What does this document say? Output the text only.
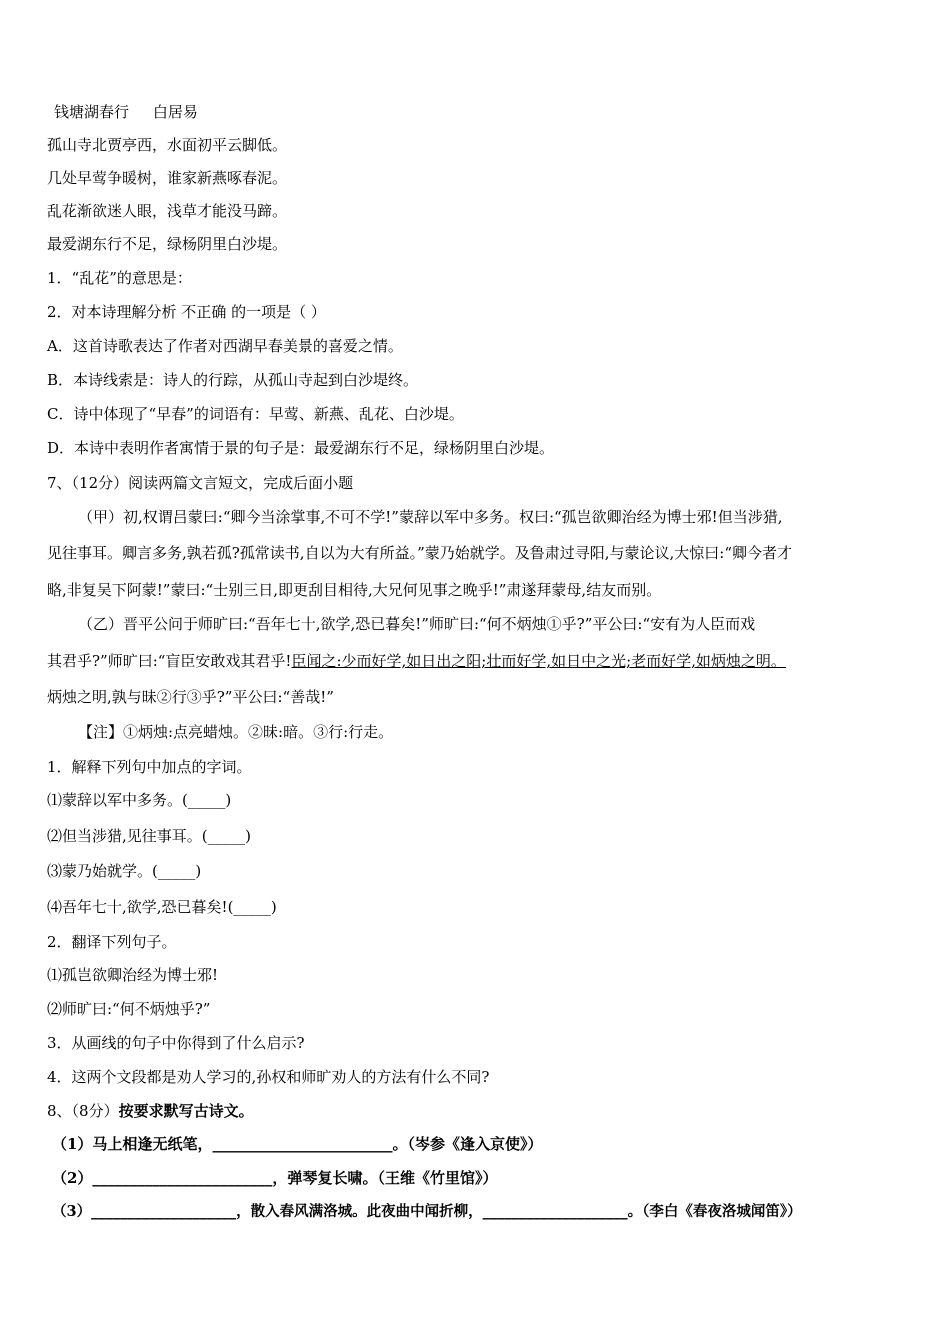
钱塘湖春行 白居易
孤山寺北贾亭西，水面初平云脚低。
几处早莺争暖树，谁家新燕啄春泥。
乱花渐欲迷人眼，浅草才能没马蹄。
最爱湖东行不足，绿杨阴里白沙堤。
1．“乱花”的意思是：
2．对本诗理解分析 不正确 的一项是（ ）
A．这首诗歌表达了作者对西湖早春美景的喜爱之情。
B．本诗线索是：诗人的行踪，从孤山寺起到白沙堤终。
C．诗中体现了“早春”的词语有：早莺、新燕、乱花、白沙堤。
D．本诗中表明作者寓情于景的句子是：最爱湖东行不足，绿杨阴里白沙堤。
7、（12分）阅读两篇文言短文，完成后面小题
（甲）初,权谓吕蒙曰:“卿今当涂掌事,不可不学!”蒙辞以军中多务。权曰:“孤岂欲卿治经为博士邪!但当涉猎,
见往事耳。卿言多务,孰若孤?孤常读书,自以为大有所益。”蒙乃始就学。及鲁肃过寻阳,与蒙论议,大惊曰:“卿今者才
略,非复吴下阿蒙!”蒙曰:“士别三日,即更刮目相待,大兄何见事之晚乎!”肃遂拜蒙母,结友而别。
（乙）晋平公问于师旷曰:“吾年七十,欲学,恐已暮矣!”师旷曰:“何不炳烛①乎?”平公曰:“安有为人臣而戏
其君乎?”师旷曰:“盲臣安敢戏其君乎!臣闻之:少而好学,如日出之阳;壮而好学,如日中之光;老而好学,如炳烛之明。
炳烛之明,孰与昧②行③乎?”平公曰:“善哉!”
【注】①炳烛:点亮蜡烛。②昧:暗。③行:行走。
1．解释下列句中加点的字词。
⑴蒙辞以军中多务。(_____)
⑵但当涉猎,见往事耳。(_____)
⑶蒙乃始就学。(_____)
⑷吾年七十,欲学,恐已暮矣!(_____)
2．翻译下列句子。
⑴孤岂欲卿治经为博士邪!
⑵师旷曰:“何不炳烛乎?”
3．从画线的句子中你得到了什么启示?
4．这两个文段都是劝人学习的,孙权和师旷劝人的方法有什么不同?
8、（8分）按要求默写古诗文。
（1）马上相逢无纸笔，________________________。（岑参《逢入京使》）
（2）________________________，弹琴复长啸。（王维《竹里馆》）
（3）____________________，散入春风满洛城。此夜曲中闻折柳，____________________。（李白《春夜洛城闻笛》）
